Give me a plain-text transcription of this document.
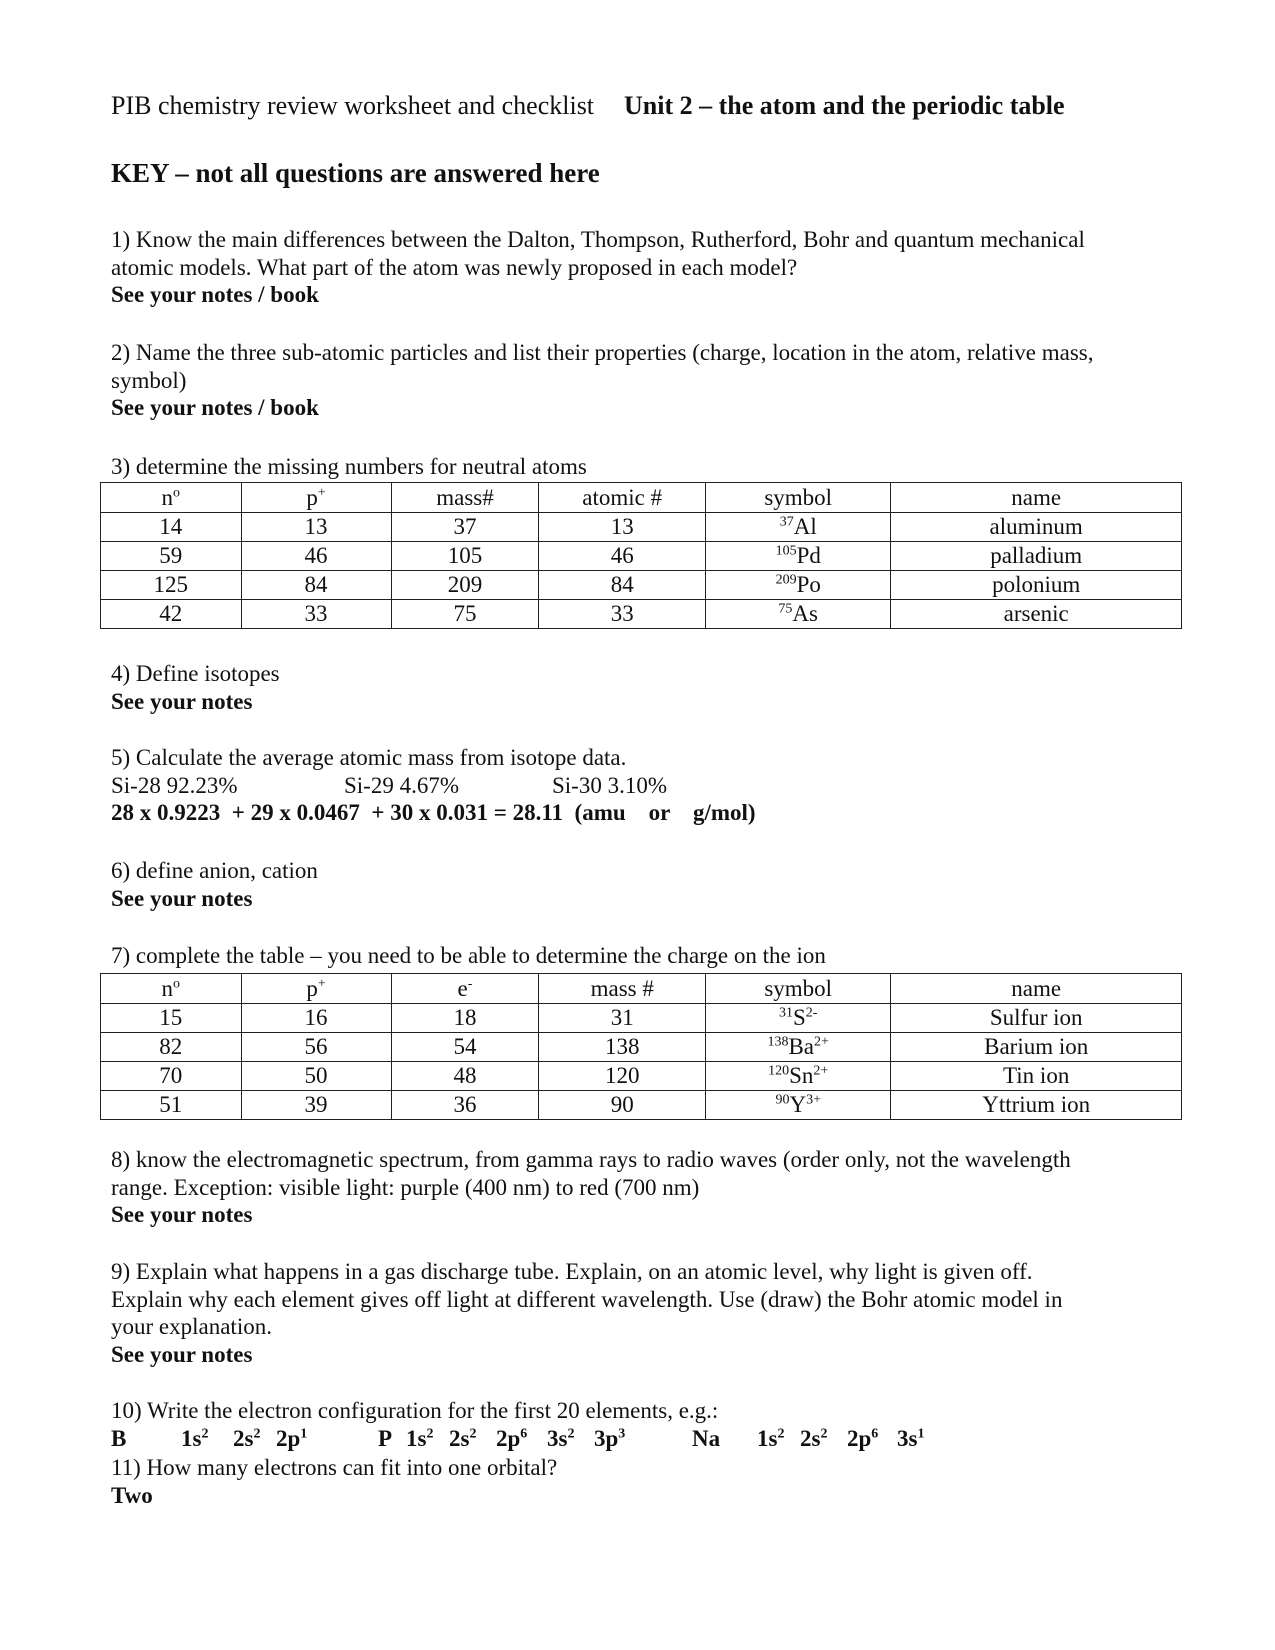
PIB chemistry review worksheet and checklist Unit 2 – the atom and the periodic table
KEY – not all questions are answered here
1) Know the main differences between the Dalton, Thompson, Rutherford, Bohr and quantum mechanical
atomic models. What part of the atom was newly proposed in each model?
See your notes / book
2) Name the three sub-atomic particles and list their properties (charge, location in the atom, relative mass,
symbol)
See your notes / book
3) determine the missing numbers for neutral atoms
$n^o$	p+	mass#	atomic #	symbol	name
14	13	37	13	$^{37}$Al	aluminum
59	46	105	46	$^{105}$Pd	palladium
125	84	209	84	$^{209}$Po	polonium
42	33	75	33	$^{75}$As	arsenic
4) Define isotopes
See your notes
5) Calculate the average atomic mass from isotope data.
Si-28 92.23%	Si-29 4.67%	Si-30 3.10%
28 x 0.9223  + 29 x 0.0467  + 30 x 0.031 = 28.11  (amu    or    g/mol)
6) define anion, cation
See your notes
7) complete the table – you need to be able to determine the charge on the ion
$n^o$	p+	e-	mass #	symbol	name
15	16	18	31	$^{31}S^{2-}$	Sulfur ion
82	56	54	138	$^{138}Ba^{2+}$	Barium ion
70	50	48	120	$^{120}Sn^{2+}$	Tin ion
51	39	36	90	$^{90}Y^{3+}$	Yttrium ion
8) know the electromagnetic spectrum, from gamma rays to radio waves (order only, not the wavelength
range. Exception: visible light: purple (400 nm) to red (700 nm)
See your notes
9) Explain what happens in a gas discharge tube. Explain, on an atomic level, why light is given off.
Explain why each element gives off light at different wavelength. Use (draw) the Bohr atomic model in
your explanation.
See your notes
10) Write the electron configuration for the first 20 elements, e.g.:
B $1s^2$ $2s^2$ $2p^1$	P $1s^2$ $2s^2$ $2p^6$ $3s^2$ $3p^3$	Na $1s^2$ $2s^2$ $2p^6$ $3s^1$
11) How many electrons can fit into one orbital?
Two
